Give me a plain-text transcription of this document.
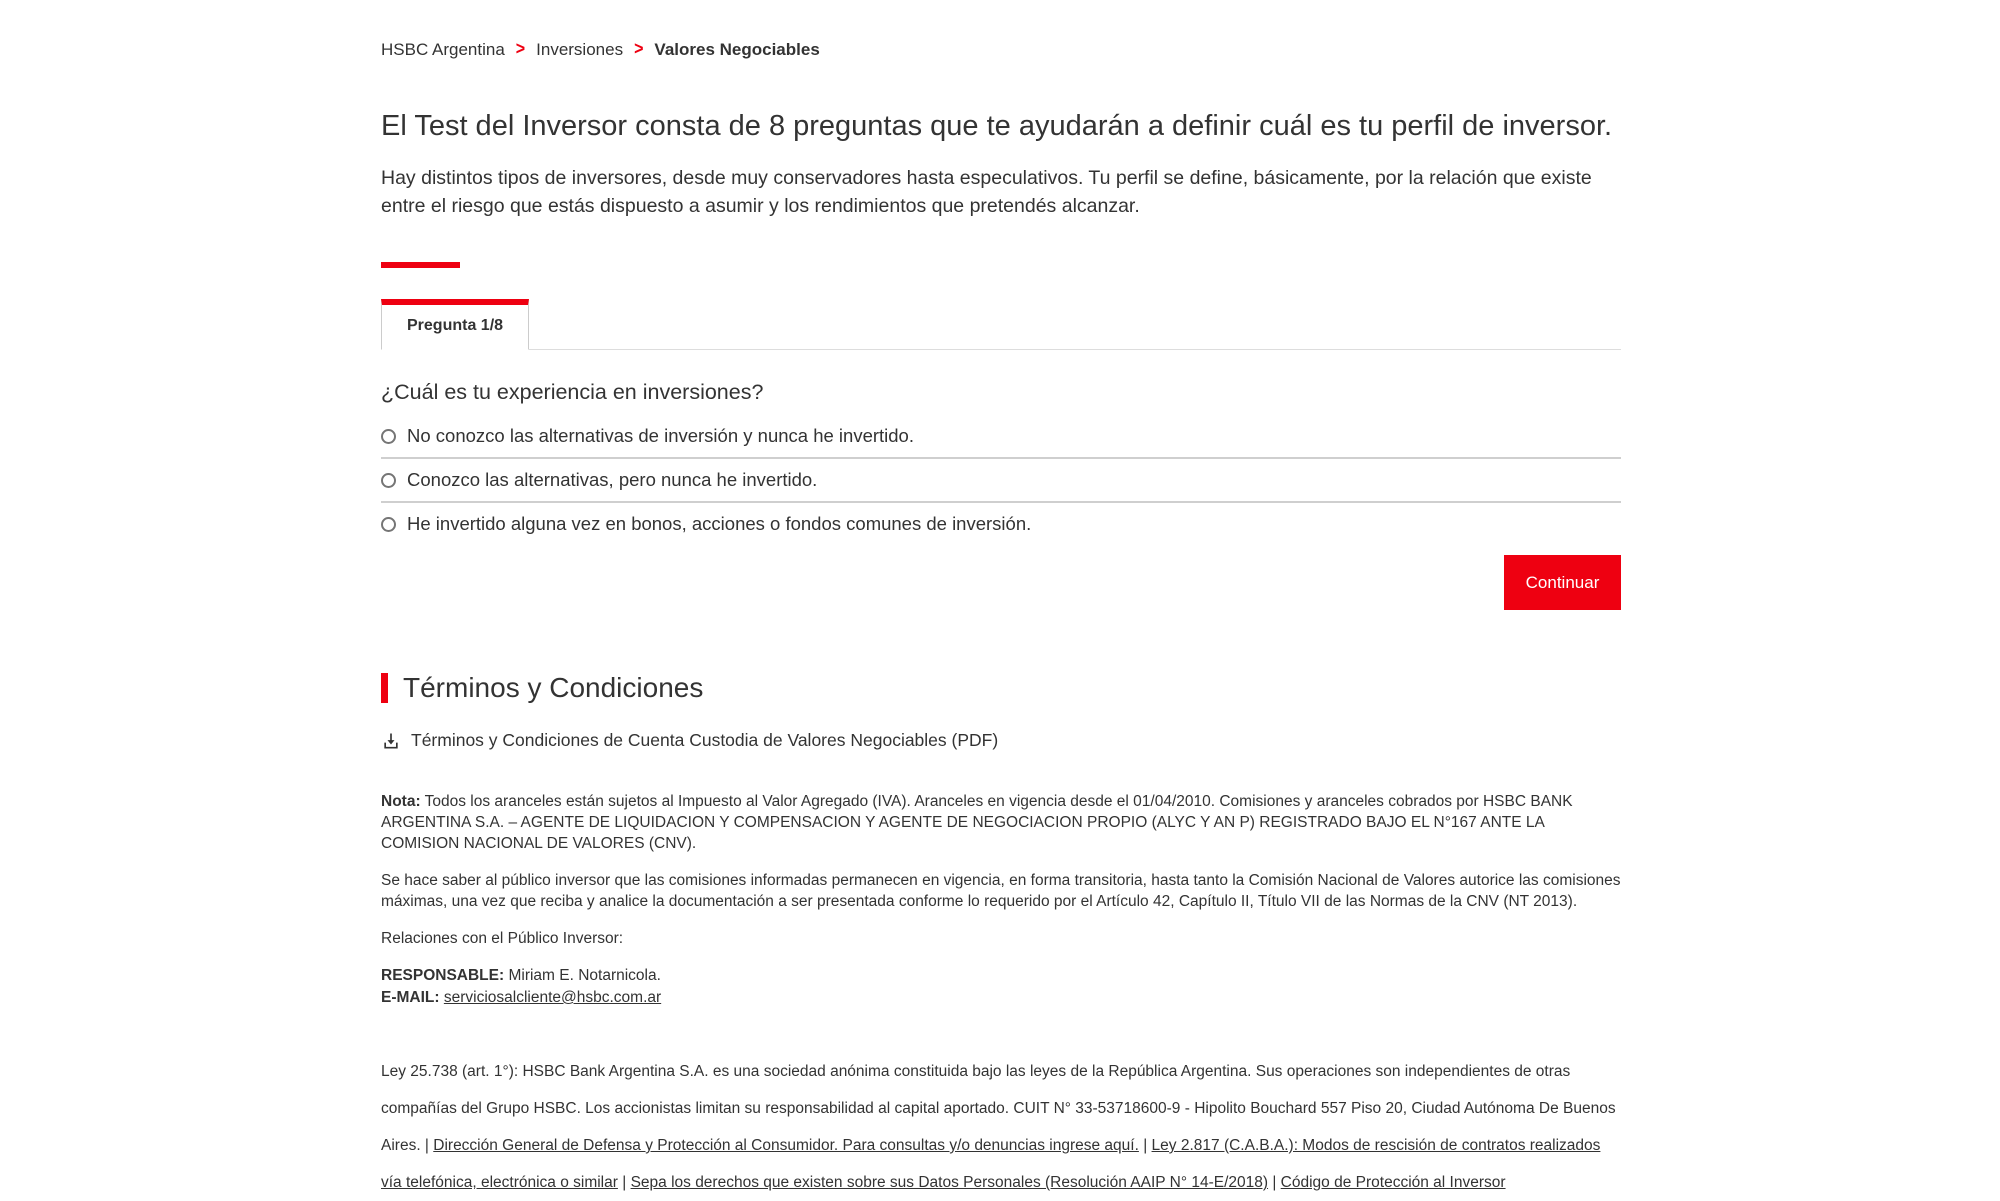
HSBC Argentina > Inversiones > Valores Negociables
El Test del Inversor consta de 8 preguntas que te ayudarán a definir cuál es tu perfil de inversor.

Hay distintos tipos de inversores, desde muy conservadores hasta especulativos. Tu perfil se define, básicamente, por la relación que existe entre el riesgo que estás dispuesto a asumir y los rendimientos que pretendés alcanzar.

Pregunta 1/8
¿Cuál es tu experiencia en inversiones?
No conozco las alternativas de inversión y nunca he invertido.
Conozco las alternativas, pero nunca he invertido.
He invertido alguna vez en bonos, acciones o fondos comunes de inversión.
Continuar
Términos y Condiciones
Términos y Condiciones de Cuenta Custodia de Valores Negociables (PDF)

Nota: Todos los aranceles están sujetos al Impuesto al Valor Agregado (IVA). Aranceles en vigencia desde el 01/04/2010. Comisiones y aranceles cobrados por HSBC BANK ARGENTINA S.A. – AGENTE DE LIQUIDACION Y COMPENSACION Y AGENTE DE NEGOCIACION PROPIO (ALYC Y AN P) REGISTRADO BAJO EL N°167 ANTE LA COMISION NACIONAL DE VALORES (CNV).

Se hace saber al público inversor que las comisiones informadas permanecen en vigencia, en forma transitoria, hasta tanto la Comisión Nacional de Valores autorice las comisiones máximas, una vez que reciba y analice la documentación a ser presentada conforme lo requerido por el Artículo 42, Capítulo II, Título VII de las Normas de la CNV (NT 2013).

Relaciones con el Público Inversor:

RESPONSABLE: Miriam E. Notarnicola.
E-MAIL: serviciosalcliente@hsbc.com.ar

Ley 25.738 (art. 1°): HSBC Bank Argentina S.A. es una sociedad anónima constituida bajo las leyes de la República Argentina. Sus operaciones son independientes de otras compañías del Grupo HSBC. Los accionistas limitan su responsabilidad al capital aportado. CUIT N° 33-53718600-9 - Hipolito Bouchard 557 Piso 20, Ciudad Autónoma De Buenos Aires. | Dirección General de Defensa y Protección al Consumidor. Para consultas y/o denuncias ingrese aquí. | Ley 2.817 (C.A.B.A.): Modos de rescisión de contratos realizados vía telefónica, electrónica o similar | Sepa los derechos que existen sobre sus Datos Personales (Resolución AAIP N° 14-E/2018) | Código de Protección al Inversor
